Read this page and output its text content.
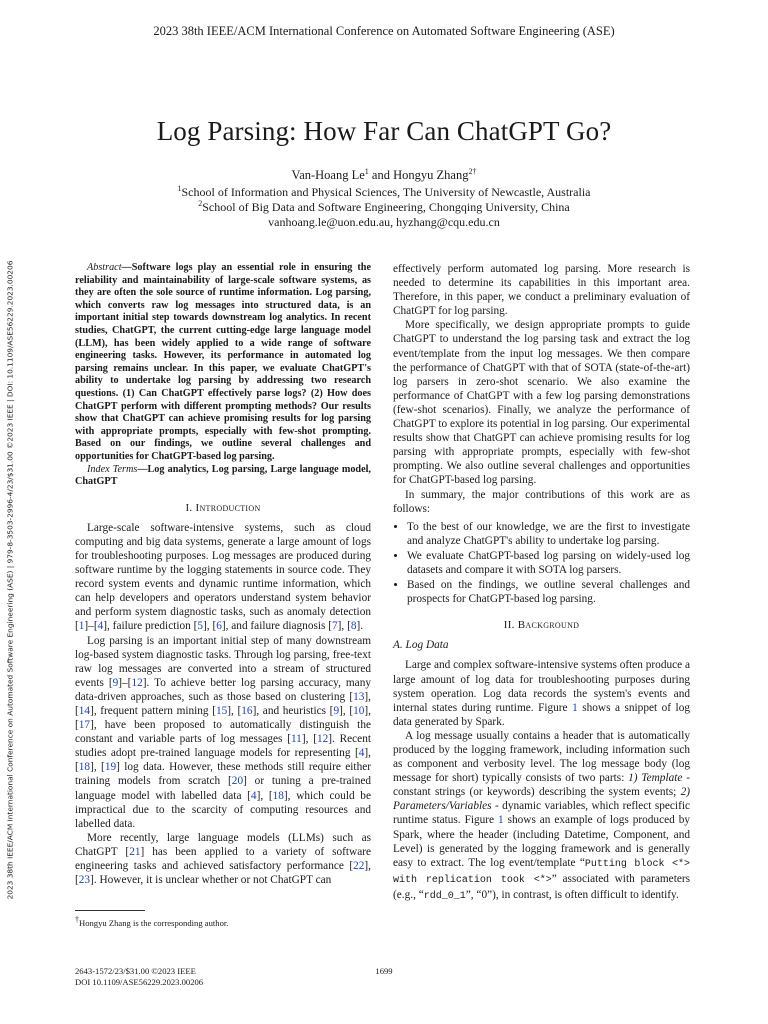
2023 38th IEEE/ACM International Conference on Automated Software Engineering (ASE)
2023 38th IEEE/ACM International Conference on Automated Software Engineering (ASE) | 979-8-3503-2996-4/23/$31.00 ©2023 IEEE | DOI: 10.1109/ASE56229.2023.00206
Log Parsing: How Far Can ChatGPT Go?
Van-Hoang Le$^1$ and Hongyu Zhang$^{2\dagger}$
$^1$School of Information and Physical Sciences, The University of Newcastle, Australia
$^2$School of Big Data and Software Engineering, Chongqing University, China
vanhoang.le@uon.edu.au, hyzhang@cqu.edu.cn

Abstract—Software logs play an essential role in ensuring the reliability and maintainability of large-scale software systems, as they are often the sole source of runtime information. Log parsing, which converts raw log messages into structured data, is an important initial step towards downstream log analytics. In recent studies, ChatGPT, the current cutting-edge large language model (LLM), has been widely applied to a wide range of software engineering tasks. However, its performance in automated log parsing remains unclear. In this paper, we evaluate ChatGPT's ability to undertake log parsing by addressing two research questions. (1) Can ChatGPT effectively parse logs? (2) How does ChatGPT perform with different prompting methods? Our results show that ChatGPT can achieve promising results for log parsing with appropriate prompts, especially with few-shot prompting. Based on our findings, we outline several challenges and opportunities for ChatGPT-based log parsing.

Index Terms—Log analytics, Log parsing, Large language model, ChatGPT

I. Introduction

Large-scale software-intensive systems, such as cloud computing and big data systems, generate a large amount of logs for troubleshooting purposes. Log messages are produced during software runtime by the logging statements in source code. They record system events and dynamic runtime information, which can help developers and operators understand system behavior and perform system diagnostic tasks, such as anomaly detection [1]–[4], failure prediction [5], [6], and failure diagnosis [7], [8].

Log parsing is an important initial step of many downstream log-based system diagnostic tasks. Through log parsing, free-text raw log messages are converted into a stream of structured events [9]–[12]. To achieve better log parsing accuracy, many data-driven approaches, such as those based on clustering [13], [14], frequent pattern mining [15], [16], and heuristics [9], [10], [17], have been proposed to automatically distinguish the constant and variable parts of log messages [11], [12]. Recent studies adopt pre-trained language models for representing [4], [18], [19] log data. However, these methods still require either training models from scratch [20] or tuning a pre-trained language model with labelled data [4], [18], which could be impractical due to the scarcity of computing resources and labelled data.

More recently, large language models (LLMs) such as ChatGPT [21] has been applied to a variety of software engineering tasks and achieved satisfactory performance [22], [23]. However, it is unclear whether or not ChatGPT can

effectively perform automated log parsing. More research is needed to determine its capabilities in this important area. Therefore, in this paper, we conduct a preliminary evaluation of ChatGPT for log parsing.

More specifically, we design appropriate prompts to guide ChatGPT to understand the log parsing task and extract the log event/template from the input log messages. We then compare the performance of ChatGPT with that of SOTA (state-of-the-art) log parsers in zero-shot scenario. We also examine the performance of ChatGPT with a few log parsing demonstrations (few-shot scenarios). Finally, we analyze the performance of ChatGPT to explore its potential in log parsing. Our experimental results show that ChatGPT can achieve promising results for log parsing with appropriate prompts, especially with few-shot prompting. We also outline several challenges and opportunities for ChatGPT-based log parsing.

In summary, the major contributions of this work are as follows:

• To the best of our knowledge, we are the first to investigate and analyze ChatGPT's ability to undertake log parsing.
• We evaluate ChatGPT-based log parsing on widely-used log datasets and compare it with SOTA log parsers.
• Based on the findings, we outline several challenges and prospects for ChatGPT-based log parsing.
II. Background
A. Log Data

Large and complex software-intensive systems often produce a large amount of log data for troubleshooting purposes during system operation. Log data records the system's events and internal states during runtime. Figure 1 shows a snippet of log data generated by Spark.

A log message usually contains a header that is automatically produced by the logging framework, including information such as component and verbosity level. The log message body (log message for short) typically consists of two parts: 1) Template - constant strings (or keywords) describing the system events; 2) Parameters/Variables - dynamic variables, which reflect specific runtime status. Figure 1 shows an example of logs produced by Spark, where the header (including Datetime, Component, and Level) is generated by the logging framework and is generally easy to extract. The log event/template “Putting block <*> with replication took <*>” associated with parameters (e.g., “rdd_0_1”, “0”), in contrast, is often difficult to identify.

†Hongyu Zhang is the corresponding author.
2643-1572/23/$31.00 ©2023 IEEE
DOI 10.1109/ASE56229.2023.00206
1699
